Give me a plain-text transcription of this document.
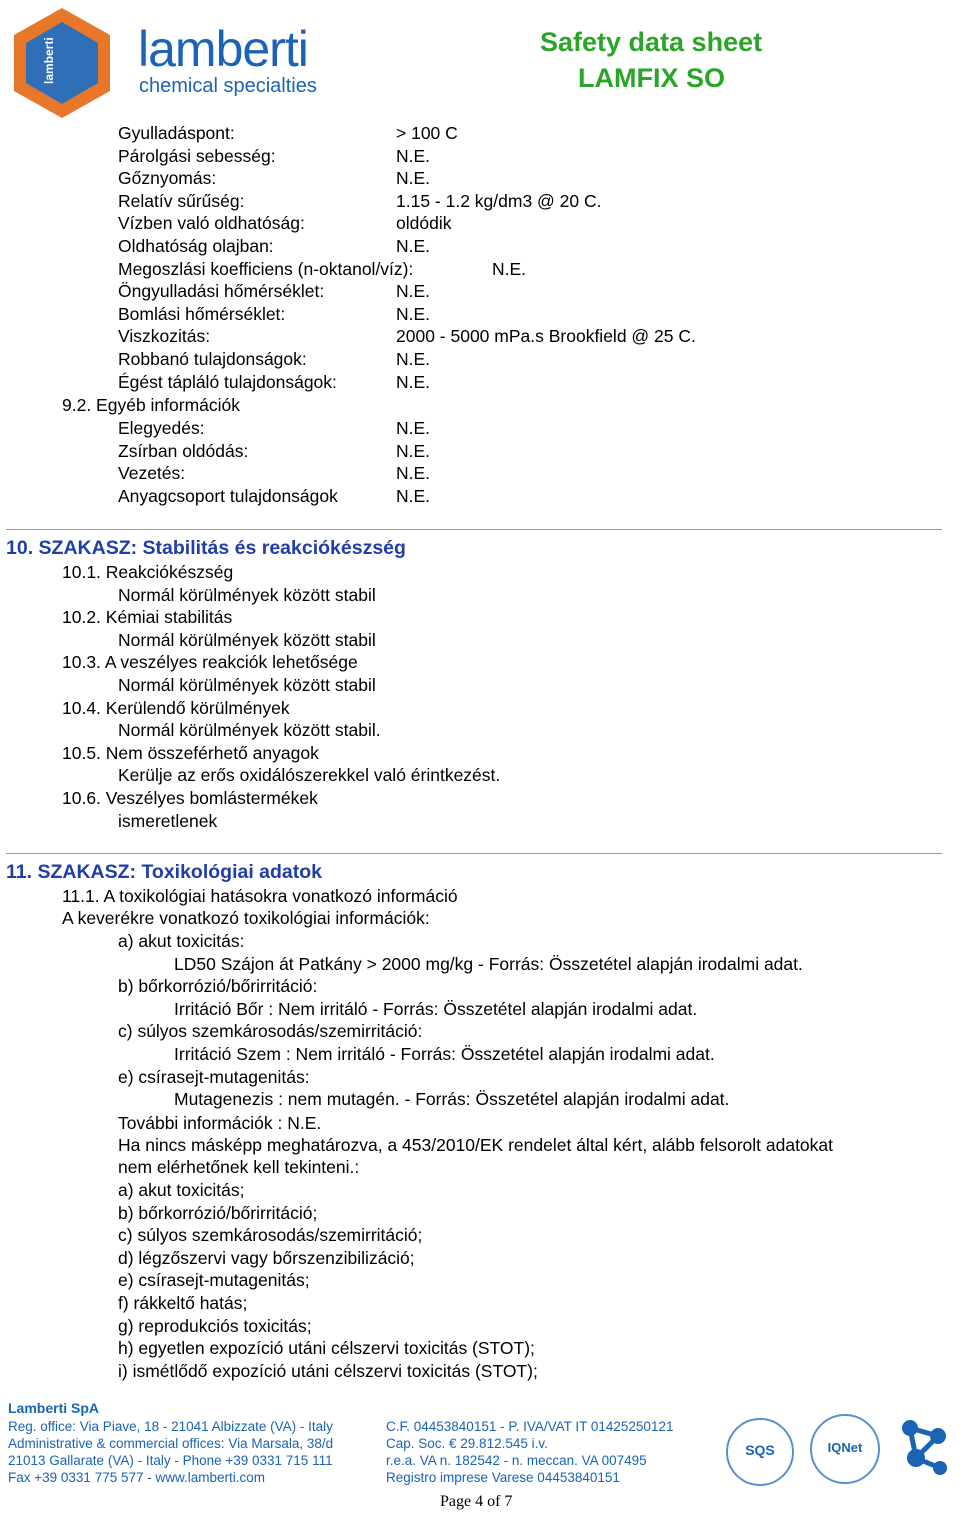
lamberti lamberti
chemical specialties
Safety data sheet
LAMFIX SO
Gyulladáspont:	> 100 C
Párolgási sebesség:	N.E.
Gőznyomás:	N.E.
Relatív sűrűség:	1.15 - 1.2 kg/dm3 @ 20 C.
Vízben való oldhatóság:	oldódik
Oldhatóság olajban:	N.E.
Megoszlási koefficiens (n-oktanol/víz):	N.E.
Öngyulladási hőmérséklet:	N.E.
Bomlási hőmérséklet:	N.E.
Viszkozitás:	2000 - 5000 mPa.s Brookfield @ 25 C.
Robbanó tulajdonságok:	N.E.
Égést tápláló tulajdonságok:	N.E.
9.2. Egyéb információk
Elegyedés:	N.E.
Zsírban oldódás:	N.E.
Vezetés:	N.E.
Anyagcsoport tulajdonságok	N.E.
10. SZAKASZ: Stabilitás és reakciókészség
10.1. Reakciókészség
Normál körülmények között stabil
10.2. Kémiai stabilitás
Normál körülmények között stabil
10.3. A veszélyes reakciók lehetősége
Normál körülmények között stabil
10.4. Kerülendő körülmények
Normál körülmények között stabil.
10.5. Nem összeférhető anyagok
Kerülje az erős oxidálószerekkel való érintkezést.
10.6. Veszélyes bomlástermékek
ismeretlenek
11. SZAKASZ: Toxikológiai adatok
11.1. A toxikológiai hatásokra vonatkozó információ
A keverékre vonatkozó toxikológiai információk:
a) akut toxicitás:
LD50 Szájon át Patkány > 2000 mg/kg - Forrás: Összetétel alapján irodalmi adat.
b) bőrkorrózió/bőrirritáció:
Irritáció Bőr : Nem irritáló - Forrás: Összetétel alapján irodalmi adat.
c) súlyos szemkárosodás/szemirritáció:
Irritáció Szem : Nem irritáló - Forrás: Összetétel alapján irodalmi adat.
e) csírasejt-mutagenitás:
Mutagenezis : nem mutagén. - Forrás: Összetétel alapján irodalmi adat.
További információk : N.E.
Ha nincs másképp meghatározva, a 453/2010/EK rendelet által kért, alább felsorolt adatokat
nem elérhetőnek kell tekinteni.:
a) akut toxicitás;
b) bőrkorrózió/bőrirritáció;
c) súlyos szemkárosodás/szemirritáció;
d) légzőszervi vagy bőrszenzibilizáció;
e) csírasejt-mutagenitás;
f) rákkeltő hatás;
g) reprodukciós toxicitás;
h) egyetlen expozíció utáni célszervi toxicitás (STOT);
i) ismétlődő expozíció utáni célszervi toxicitás (STOT);
Lamberti SpA
Reg. office: Via Piave, 18 - 21041 Albizzate (VA) - Italy
Administrative & commercial offices: Via Marsala, 38/d
21013 Gallarate (VA) - Italy - Phone +39 0331 715 111
Fax +39 0331 775 577 - www.lamberti.com
C.F. 04453840151 - P. IVA/VAT IT 01425250121
Cap. Soc. € 29.812.545 i.v.
r.e.a. VA n. 182542 - n. meccan. VA 007495
Registro imprese Varese 04453840151
SQS	IQNet
Page 4 of 7
